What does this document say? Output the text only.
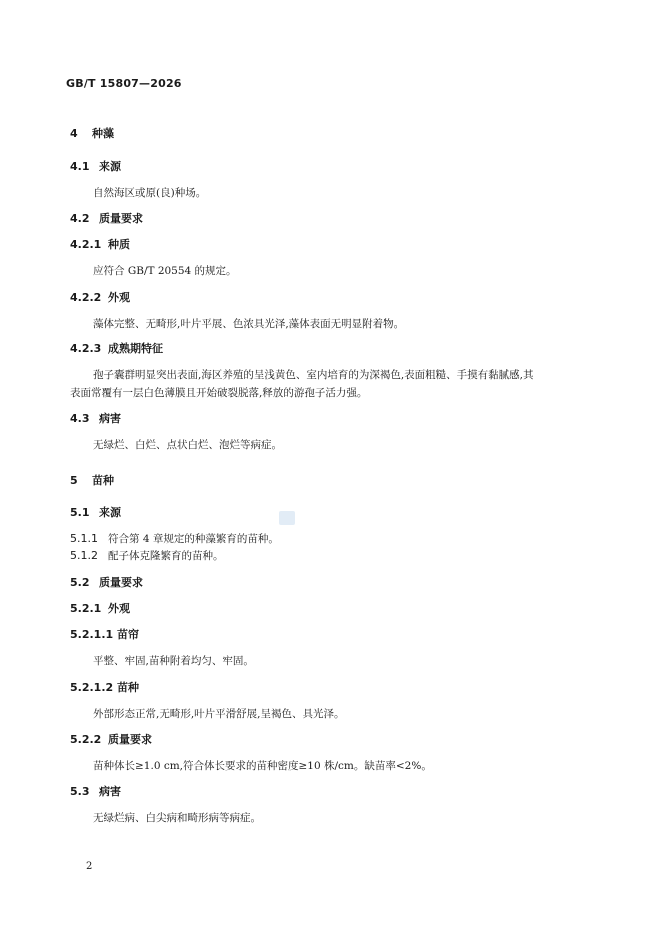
GB/T 15807—2026
4 种藻
4.1 来源
自然海区或原(良)种场。
4.2 质量要求
4.2.1 种质
应符合 GB/T 20554 的规定。
4.2.2 外观
藻体完整、无畸形,叶片平展、色浓具光泽,藻体表面无明显附着物。
4.2.3 成熟期特征
孢子囊群明显突出表面,海区养殖的呈浅黄色、室内培育的为深褐色,表面粗糙、手摸有黏腻感,其
表面常覆有一层白色薄膜且开始破裂脱落,释放的游孢子活力强。
4.3 病害
无绿烂、白烂、点状白烂、泡烂等病症。
5 苗种
5.1 来源

5.1.1 符合第 4 章规定的种藻繁育的苗种。
5.1.2 配子体克隆繁育的苗种。
5.2 质量要求
5.2.1 外观
5.2.1.1 苗帘
平整、牢固,苗种附着均匀、牢固。
5.2.1.2 苗种
外部形态正常,无畸形,叶片平滑舒展,呈褐色、具光泽。
5.2.2 质量要求
苗种体长≥1.0 cm,符合体长要求的苗种密度≥10 株/cm。缺苗率<2%。
5.3 病害
无绿烂病、白尖病和畸形病等病症。
2
